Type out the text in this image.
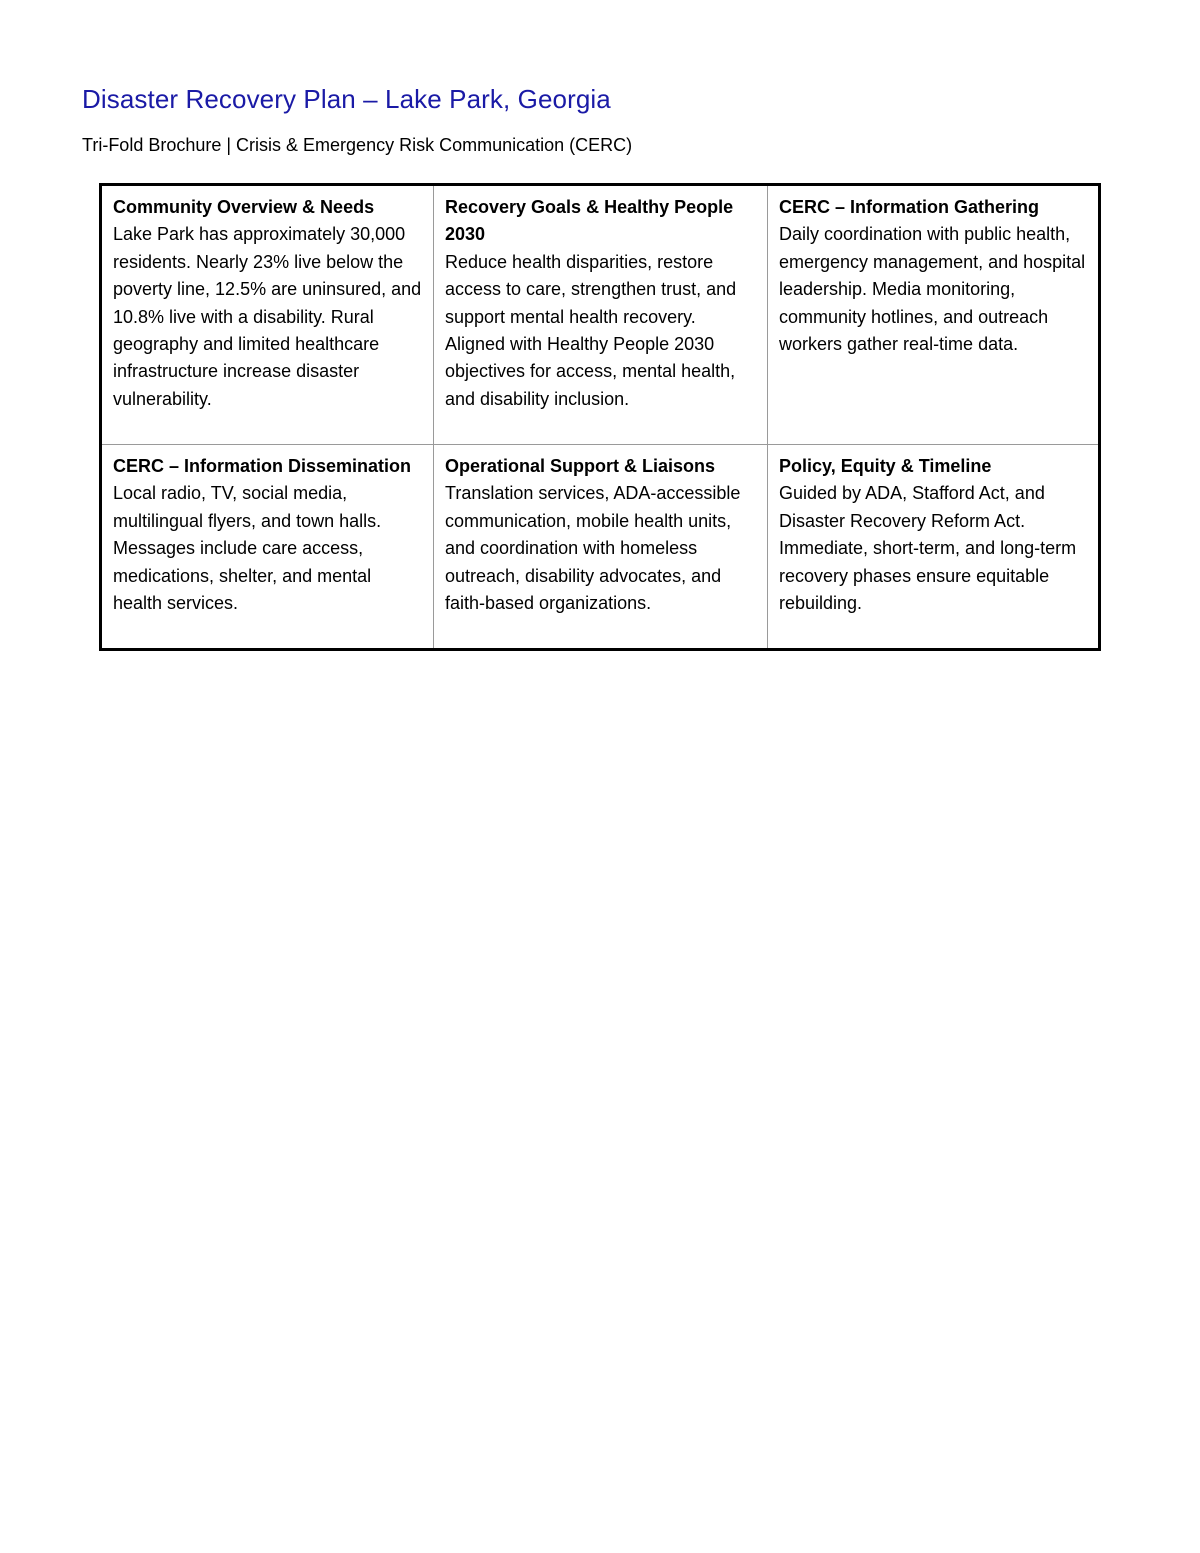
Disaster Recovery Plan – Lake Park, Georgia

Tri-Fold Brochure | Crisis & Emergency Risk Communication (CERC)

Community Overview & Needs
Lake Park has approximately 30,000 residents. Nearly 23% live below the poverty line, 12.5% are uninsured, and 10.8% live with a disability. Rural geography and limited healthcare infrastructure increase disaster vulnerability.
Recovery Goals & Healthy People 2030
Reduce health disparities, restore access to care, strengthen trust, and support mental health recovery. Aligned with Healthy People 2030 objectives for access, mental health, and disability inclusion.
CERC – Information Gathering
Daily coordination with public health, emergency management, and hospital leadership. Media monitoring, community hotlines, and outreach workers gather real-time data.
CERC – Information Dissemination
Local radio, TV, social media, multilingual flyers, and town halls. Messages include care access, medications, shelter, and mental health services.
Operational Support & Liaisons
Translation services, ADA-accessible communication, mobile health units, and coordination with homeless outreach, disability advocates, and faith-based organizations.
Policy, Equity & Timeline
Guided by ADA, Stafford Act, and Disaster Recovery Reform Act. Immediate, short-term, and long-term recovery phases ensure equitable rebuilding.
